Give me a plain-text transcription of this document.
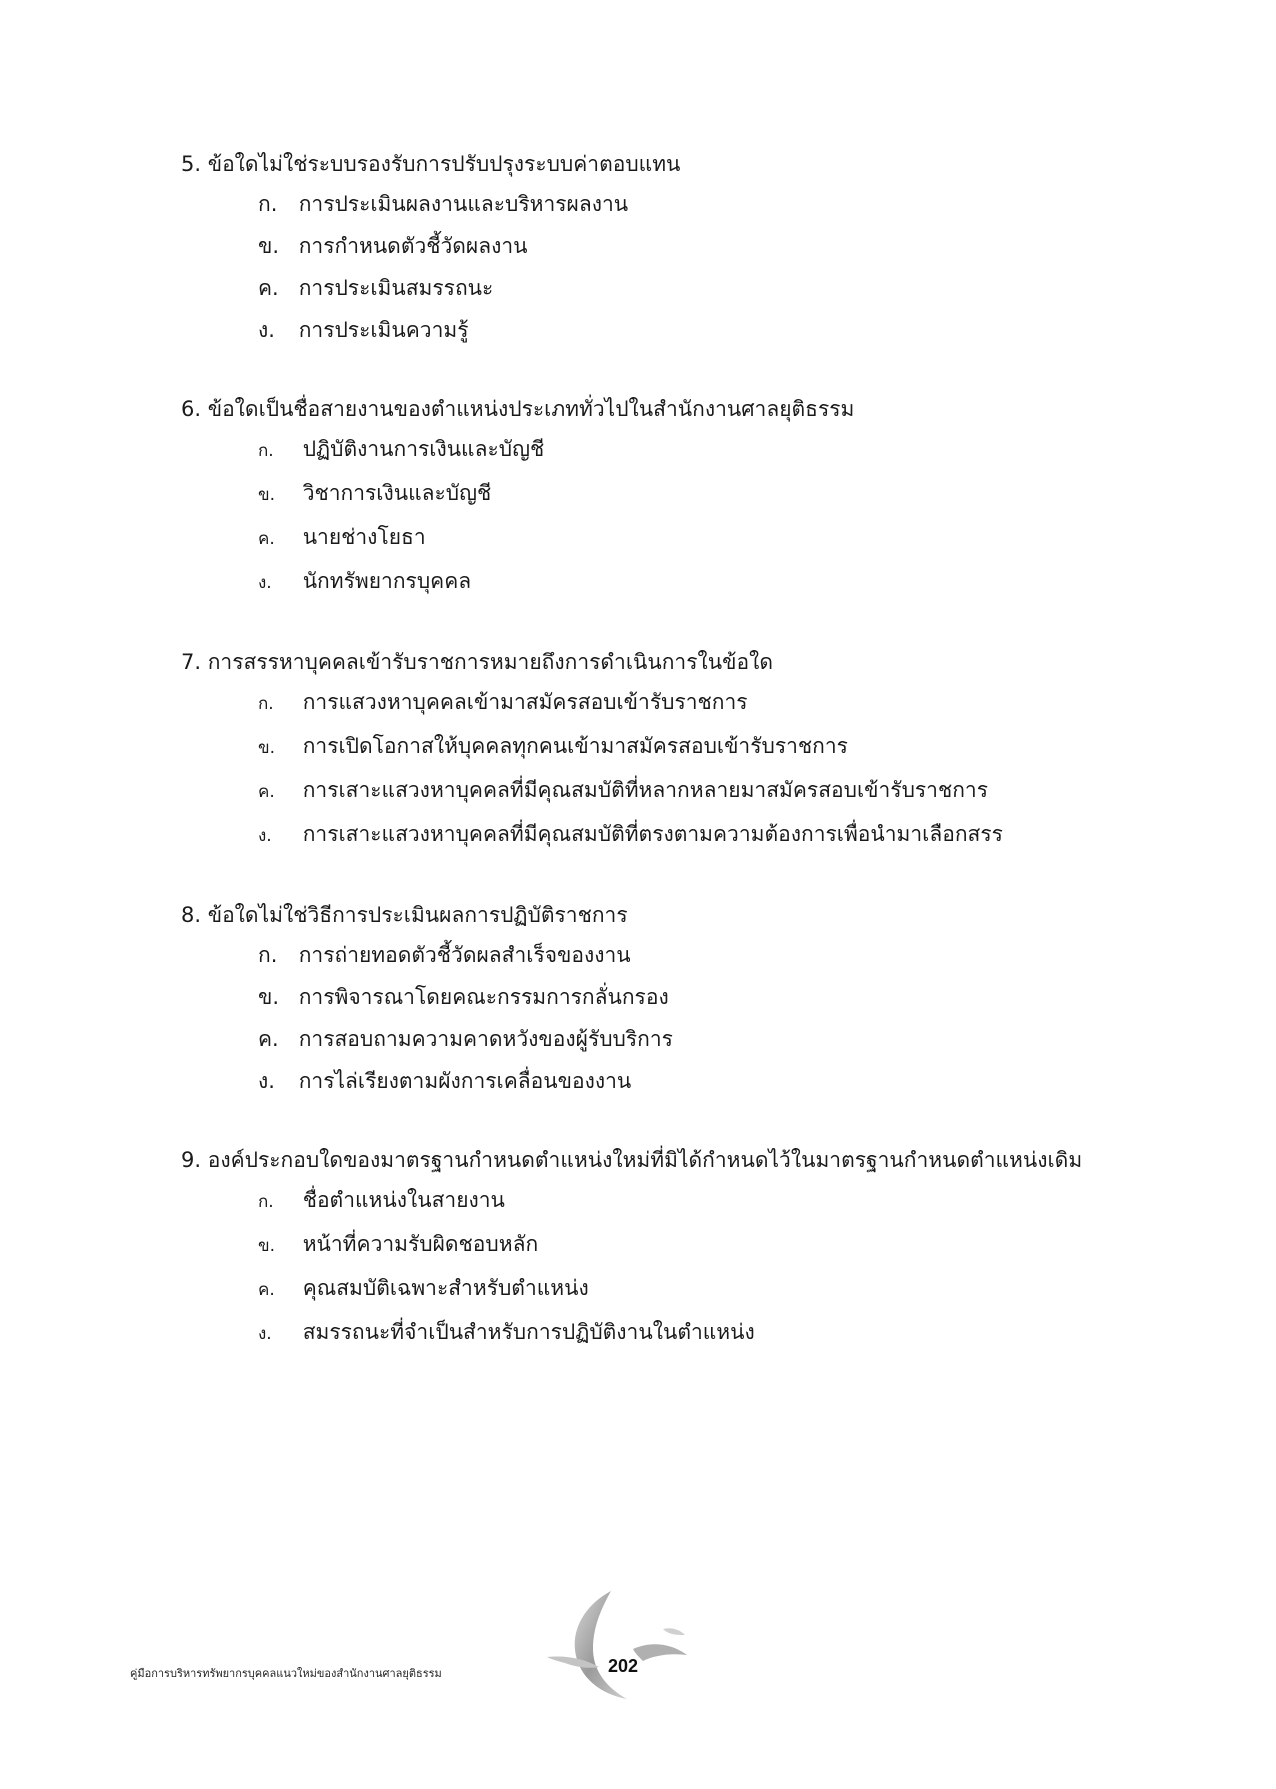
5. ข้อใดไม่ใช่ระบบรองรับการปรับปรุงระบบค่าตอบแทน
ก. การประเมินผลงานและบริหารผลงาน
ข. การกำหนดตัวชี้วัดผลงาน
ค. การประเมินสมรรถนะ
ง. การประเมินความรู้
6. ข้อใดเป็นชื่อสายงานของตำแหน่งประเภททั่วไปในสำนักงานศาลยุติธรรม
ก. ปฏิบัติงานการเงินและบัญชี
ข. วิชาการเงินและบัญชี
ค. นายช่างโยธา
ง. นักทรัพยากรบุคคล
7. การสรรหาบุคคลเข้ารับราชการหมายถึงการดำเนินการในข้อใด
ก. การแสวงหาบุคคลเข้ามาสมัครสอบเข้ารับราชการ
ข. การเปิดโอกาสให้บุคคลทุกคนเข้ามาสมัครสอบเข้ารับราชการ
ค. การเสาะแสวงหาบุคคลที่มีคุณสมบัติที่หลากหลายมาสมัครสอบเข้ารับราชการ
ง. การเสาะแสวงหาบุคคลที่มีคุณสมบัติที่ตรงตามความต้องการเพื่อนำมาเลือกสรร
8. ข้อใดไม่ใช่วิธีการประเมินผลการปฏิบัติราชการ
ก. การถ่ายทอดตัวชี้วัดผลสำเร็จของงาน
ข. การพิจารณาโดยคณะกรรมการกลั่นกรอง
ค. การสอบถามความคาดหวังของผู้รับบริการ
ง. การไล่เรียงตามผังการเคลื่อนของงาน
9. องค์ประกอบใดของมาตรฐานกำหนดตำแหน่งใหม่ที่มิได้กำหนดไว้ในมาตรฐานกำหนดตำแหน่งเดิม
ก. ชื่อตำแหน่งในสายงาน
ข. หน้าที่ความรับผิดชอบหลัก
ค. คุณสมบัติเฉพาะสำหรับตำแหน่ง
ง. สมรรถนะที่จำเป็นสำหรับการปฏิบัติงานในตำแหน่ง
คู่มือการบริหารทรัพยากรบุคคลแนวใหม่ของสำนักงานศาลยุติธรรม	202
